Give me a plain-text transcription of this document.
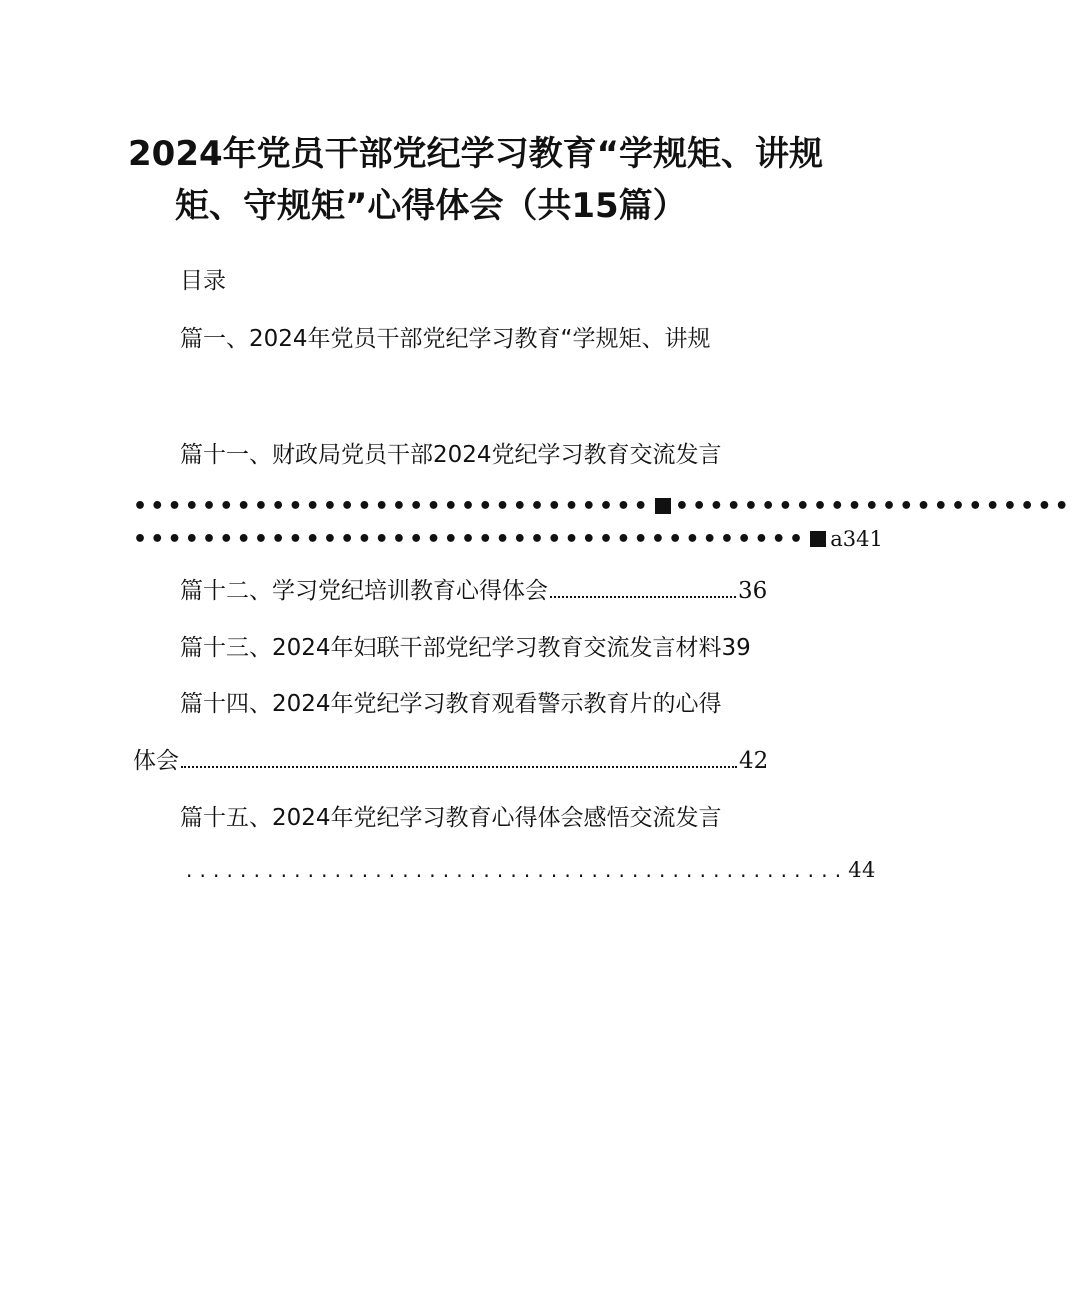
2024年党员干部党纪学习教育“学规矩、讲规
矩、守规矩”心得体会（共15篇）
目录
篇一、2024年党员干部党纪学习教育“学规矩、讲规
篇十一、财政局党员干部2024党纪学习教育交流发言
•••••••••••••••••••••••••••••• •••••••••••••••••••••••
••••••••••••••••••••••••••••••••••••••• a341
篇十二、学习党纪培训教育心得体会	36
篇十三、2024年妇联干部党纪学习教育交流发言材料39
篇十四、2024年党纪学习教育观看警示教育片的心得
体会	42
篇十五、2024年党纪学习教育心得体会感悟交流发言
. . . . . . . . . . . . . . . . . . . . . . . . . . . . . . . . . . . . . . . . . . . . . . . . . 44
